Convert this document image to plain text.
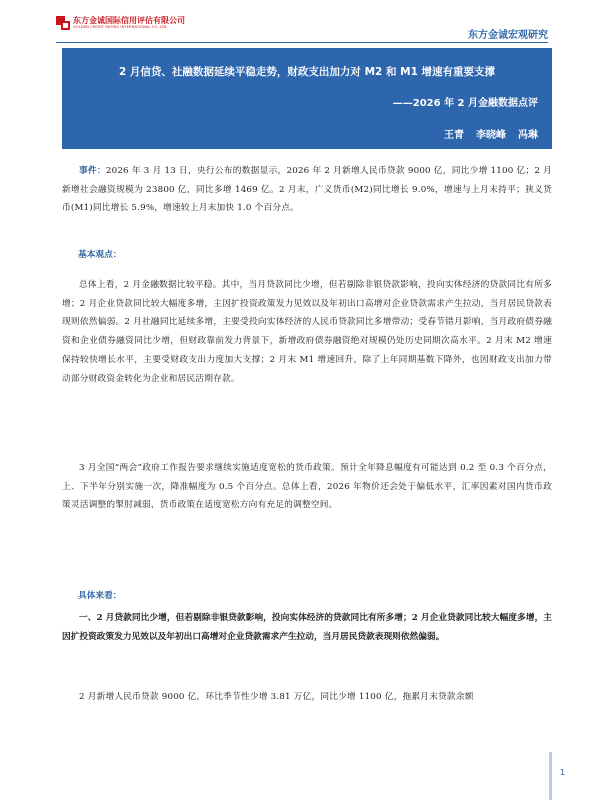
东方金诚国际信用评估有限公司
GOLDEN CREDIT RATING INTERNATIONAL CO.,LTD.
东方金诚宏观研究
2 月信贷、社融数据延续平稳走势，财政支出加力对 M2 和 M1 增速有重要支撑
——2026 年 2 月金融数据点评
王青 李晓峰 冯琳
事件：2026 年 3 月 13 日，央行公布的数据显示，2026 年 2 月新增人民币贷款 9000 亿，同比少增 1100 亿；2 月新增社会融资规模为 23800 亿，同比多增 1469 亿。2 月末，广义货币(M2)同比增长 9.0%，增速与上月末持平；狭义货币(M1)同比增长 5.9%，增速较上月末加快 1.0 个百分点。
基本观点：
总体上看，2 月金融数据比较平稳。其中，当月贷款同比少增，但若剔除非银贷款影响，投向实体经济的贷款同比有所多增；2 月企业贷款同比较大幅度多增，主因扩投资政策发力见效以及年初出口高增对企业贷款需求产生拉动，当月居民贷款表现则依然偏弱。2 月社融同比延续多增，主要受投向实体经济的人民币贷款同比多增带动；受春节错月影响，当月政府债券融资和企业债券融资同比少增，但财政靠前发力背景下，新增政府债券融资绝对规模仍处历史同期次高水平。2 月末 M2 增速保持较快增长水平，主要受财政支出力度加大支撑；2 月末 M1 增速回升，除了上年同期基数下降外，也因财政支出加力带动部分财政资金转化为企业和居民活期存款。
3 月全国“两会”政府工作报告要求继续实施适度宽松的货币政策。预计全年降息幅度有可能达到 0.2 至 0.3 个百分点，上、下半年分别实施一次，降准幅度为 0.5 个百分点。总体上看，2026 年物价还会处于偏低水平，汇率因素对国内货币政策灵活调整的掣肘减弱，货币政策在适度宽松方向有充足的调整空间。
具体来看：
一、2 月贷款同比少增，但若剔除非银贷款影响，投向实体经济的贷款同比有所多增；2 月企业贷款同比较大幅度多增，主因扩投资政策发力见效以及年初出口高增对企业贷款需求产生拉动，当月居民贷款表现则依然偏弱。
2 月新增人民币贷款 9000 亿，环比季节性少增 3.81 万亿，同比少增 1100 亿，拖累月末贷款余额
1
